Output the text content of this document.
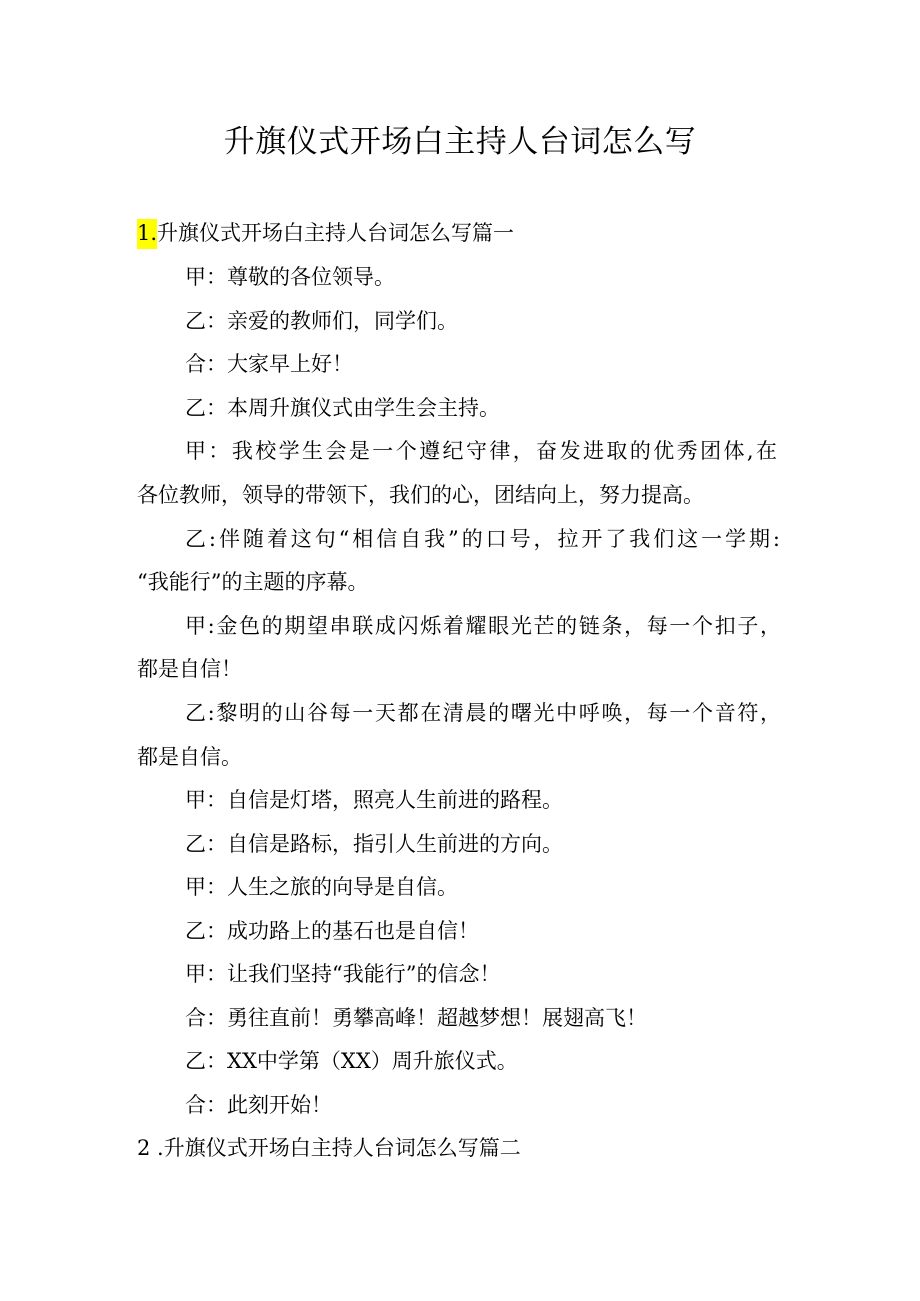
升旗仪式开场白主持人台词怎么写
1.升旗仪式开场白主持人台词怎么写篇一
甲：尊敬的各位领导。
乙：亲爱的教师们，同学们。
合：大家早上好！
乙：本周升旗仪式由学生会主持。
甲：我校学生会是一个遵纪守律，奋发进取的优秀团体,在
各位教师，领导的带领下，我们的心，团结向上，努力提高。
乙:伴随着这句“相信自我”的口号，拉开了我们这一学期:
“我能行”的主题的序幕。
甲:金色的期望串联成闪烁着耀眼光芒的链条，每一个扣子，
都是自信！
乙:黎明的山谷每一天都在清晨的曙光中呼唤，每一个音符，
都是自信。
甲：自信是灯塔，照亮人生前进的路程。
乙：自信是路标，指引人生前进的方向。
甲：人生之旅的向导是自信。
乙：成功路上的基石也是自信！
甲：让我们坚持“我能行”的信念！
合：勇往直前！勇攀高峰！超越梦想！展翅高飞！
乙：XX中学第（XX）周升旅仪式。
合：此刻开始！
2 .升旗仪式开场白主持人台词怎么写篇二
